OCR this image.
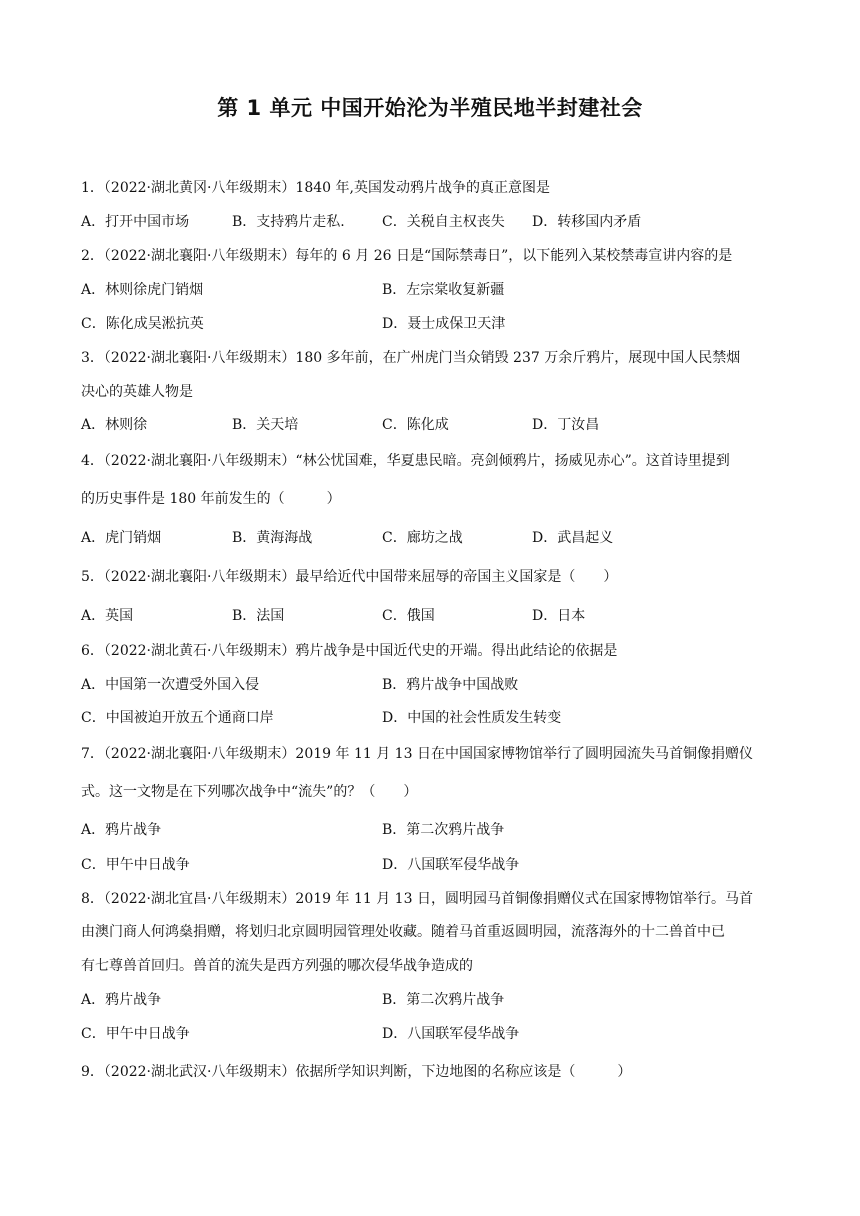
第 1 单元 中国开始沦为半殖民地半封建社会
1．（2022·湖北黄冈·八年级期末）1840 年,英国发动鸦片战争的真正意图是
A．打开中国市场	B．支持鸦片走私.	C．关税自主权丧失 D．转移国内矛盾
2．（2022·湖北襄阳·八年级期末）每年的 6 月 26 日是“国际禁毒日”，以下能列入某校禁毒宣讲内容的是
A．林则徐虎门销烟	B．左宗棠收复新疆
C．陈化成吴淞抗英	D．聂士成保卫天津
3．（2022·湖北襄阳·八年级期末）180 多年前，在广州虎门当众销毁 237 万余斤鸦片，展现中国人民禁烟
决心的英雄人物是
A．林则徐	B．关天培	C．陈化成	D．丁汝昌
4．（2022·湖北襄阳·八年级期末）“林公忧国难，华夏患民暗。亮剑倾鸦片，扬威见赤心”。这首诗里提到
的历史事件是 180 年前发生的（　　　）
A．虎门销烟	B．黄海海战	C．廊坊之战	D．武昌起义
5．（2022·湖北襄阳·八年级期末）最早给近代中国带来屈辱的帝国主义国家是（　　）
A．英国	B．法国	C．俄国	D．日本
6．（2022·湖北黄石·八年级期末）鸦片战争是中国近代史的开端。得出此结论的依据是
A．中国第一次遭受外国入侵	B．鸦片战争中国战败
C．中国被迫开放五个通商口岸	D．中国的社会性质发生转变
7．（2022·湖北襄阳·八年级期末）2019 年 11 月 13 日在中国国家博物馆举行了圆明园流失马首铜像捐赠仪
式。这一文物是在下列哪次战争中“流失”的？（　　）
A．鸦片战争	B．第二次鸦片战争
C．甲午中日战争	D．八国联军侵华战争
8．（2022·湖北宜昌·八年级期末）2019 年 11 月 13 日，圆明园马首铜像捐赠仪式在国家博物馆举行。马首
由澳门商人何鸿燊捐赠，将划归北京圆明园管理处收藏。随着马首重返圆明园，流落海外的十二兽首中已
有七尊兽首回归。兽首的流失是西方列强的哪次侵华战争造成的
A．鸦片战争	B．第二次鸦片战争
C．甲午中日战争	D．八国联军侵华战争
9．（2022·湖北武汉·八年级期末）依据所学知识判断，下边地图的名称应该是（　　　）
